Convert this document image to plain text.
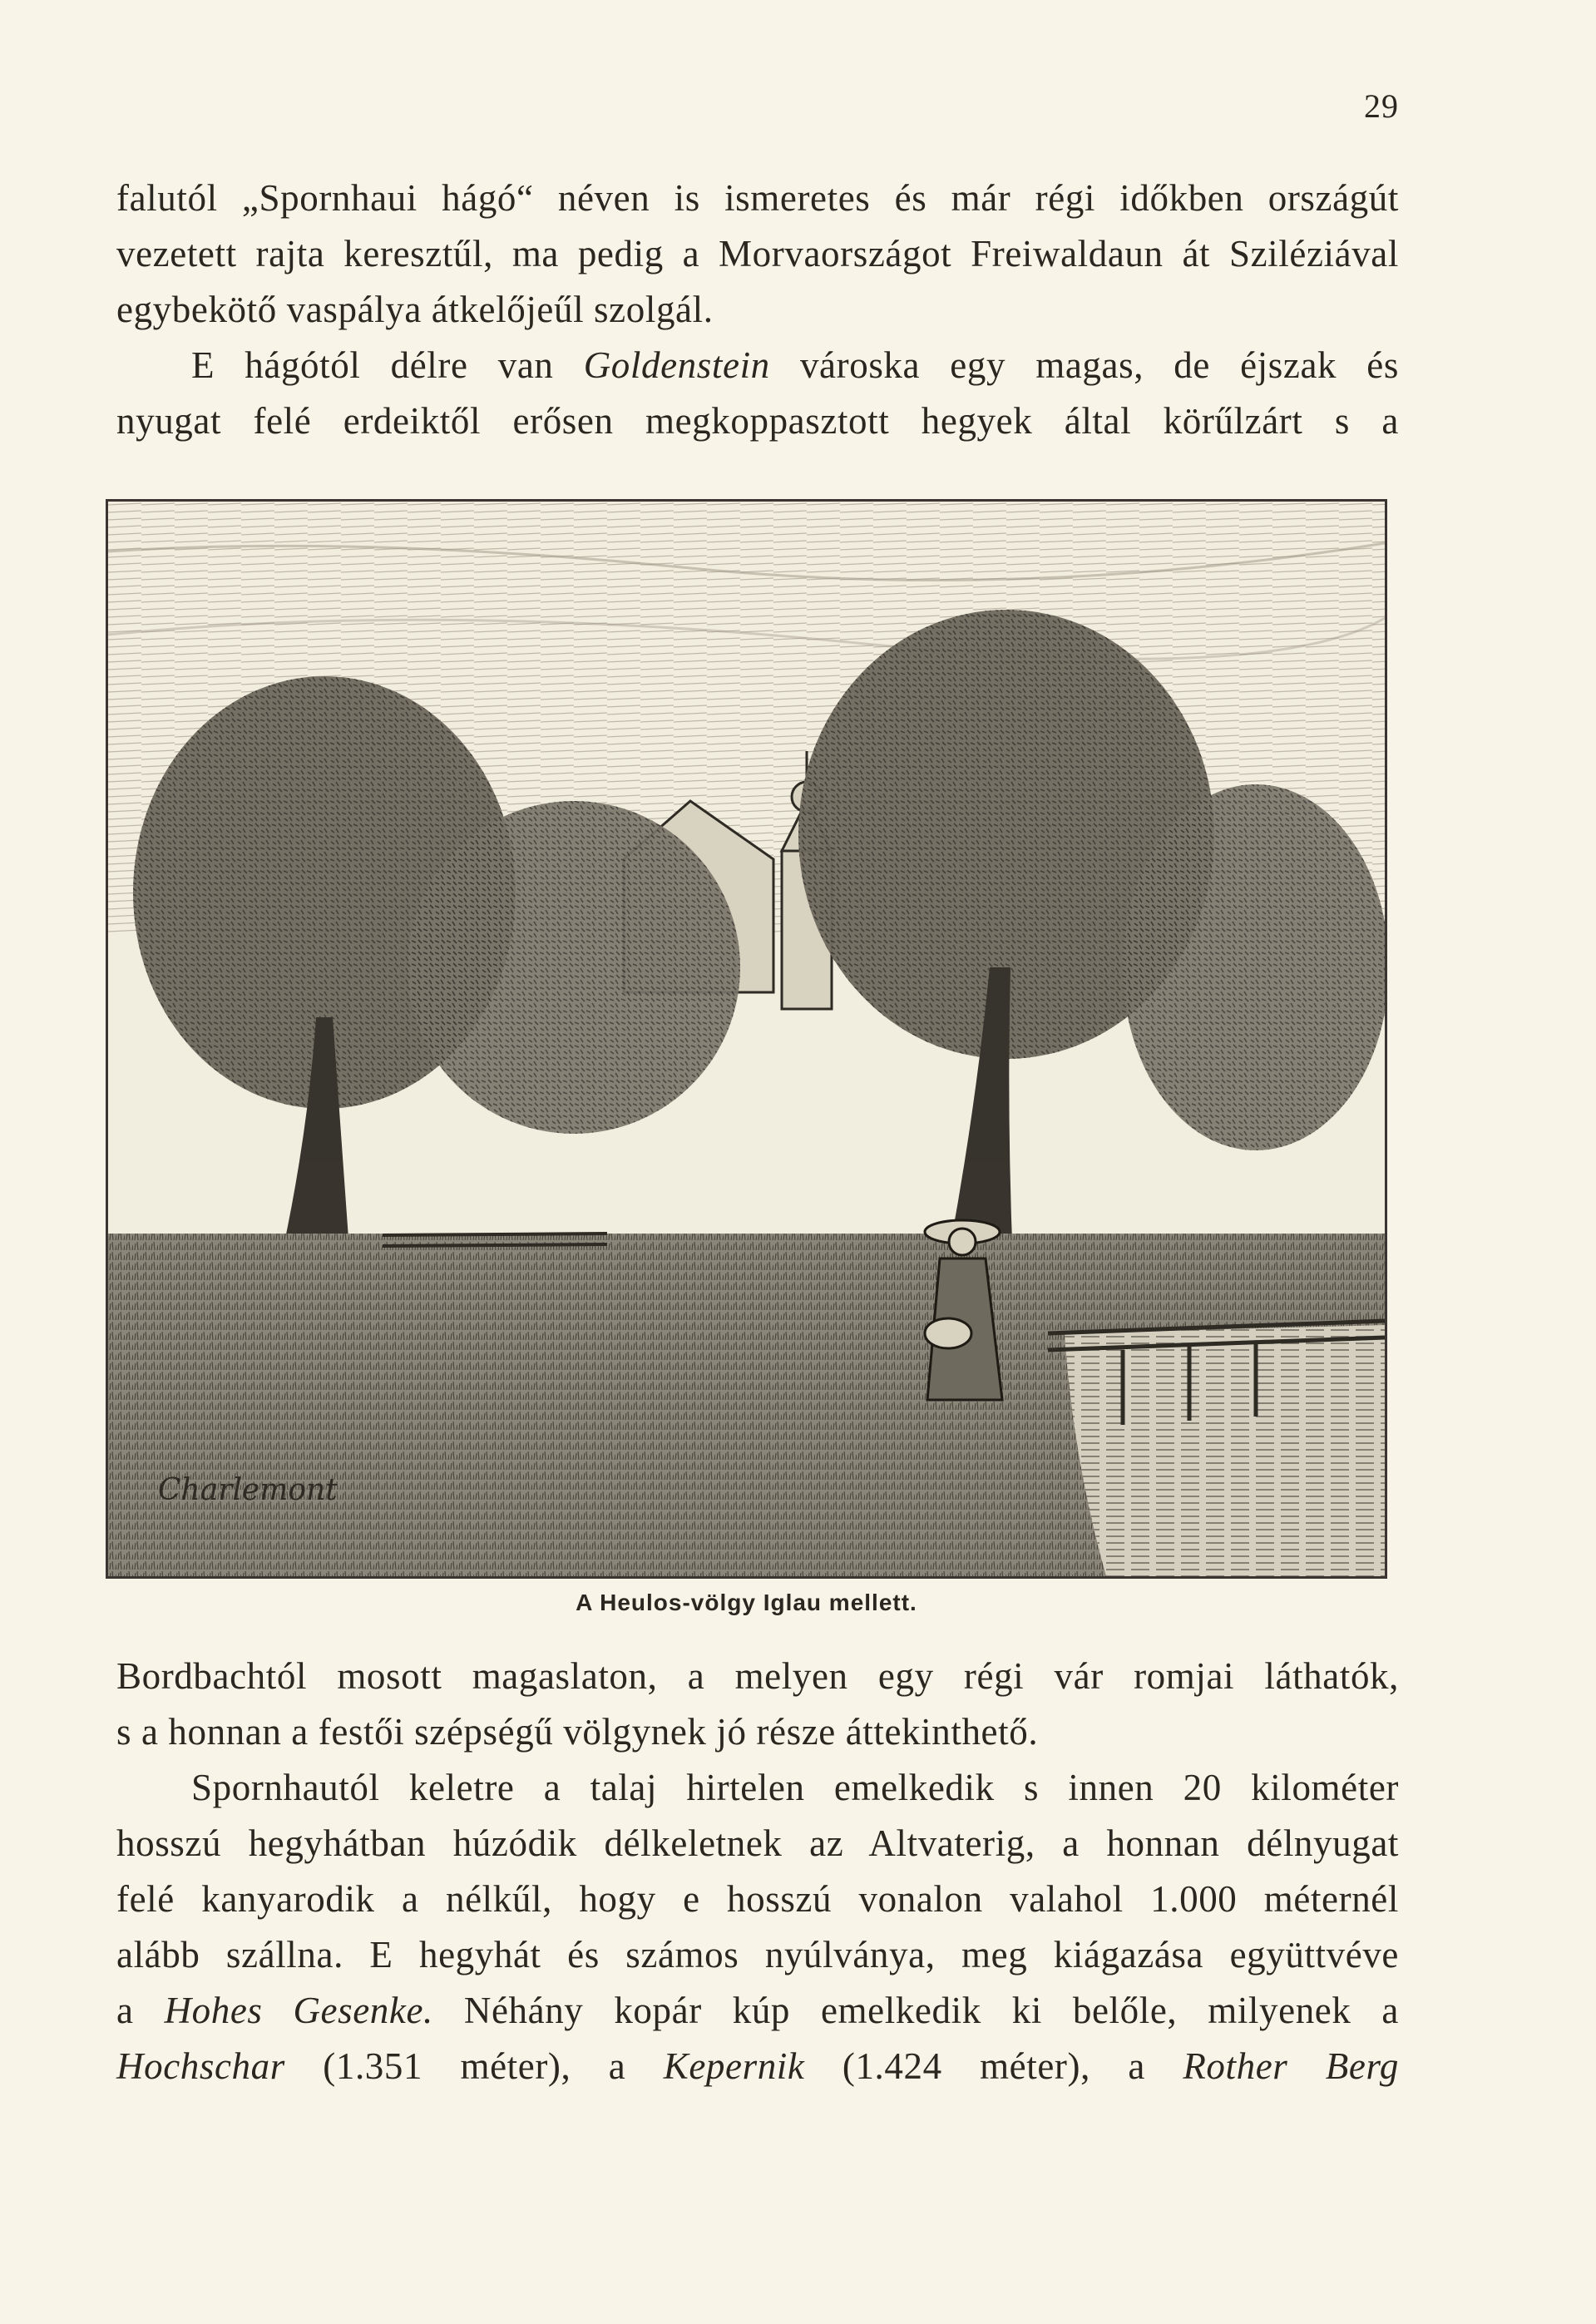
29

falutól „Spornhaui hágó“ néven is ismeretes és már régi időkben országút
vezetett rajta keresztűl, ma pedig a Morvaországot Freiwaldaun át Sziléziával
egybekötő vaspálya átkelőjeűl szolgál.

E hágótól délre van Goldenstein városka egy magas, de éjszak és
nyugat felé erdeiktől erősen megkoppasztott hegyek által körűlzárt s a

Charlemont
A Heulos-völgy Iglau mellett.

Bordbachtól mosott magaslaton, a melyen egy régi vár romjai láthatók,
s a honnan a festői szépségű völgynek jó része áttekinthető.

Spornhautól keletre a talaj hirtelen emelkedik s innen 20 kilométer
hosszú hegyhátban húzódik délkeletnek az Altvaterig, a honnan délnyugat
felé kanyarodik a nélkűl, hogy e hosszú vonalon valahol 1.000 méternél
alább szállna. E hegyhát és számos nyúlványa, meg kiágazása együttvéve
a Hohes Gesenke. Néhány kopár kúp emelkedik ki belőle, milyenek a
Hochschar (1.351 méter), a Kepernik (1.424 méter), a Rother Berg
